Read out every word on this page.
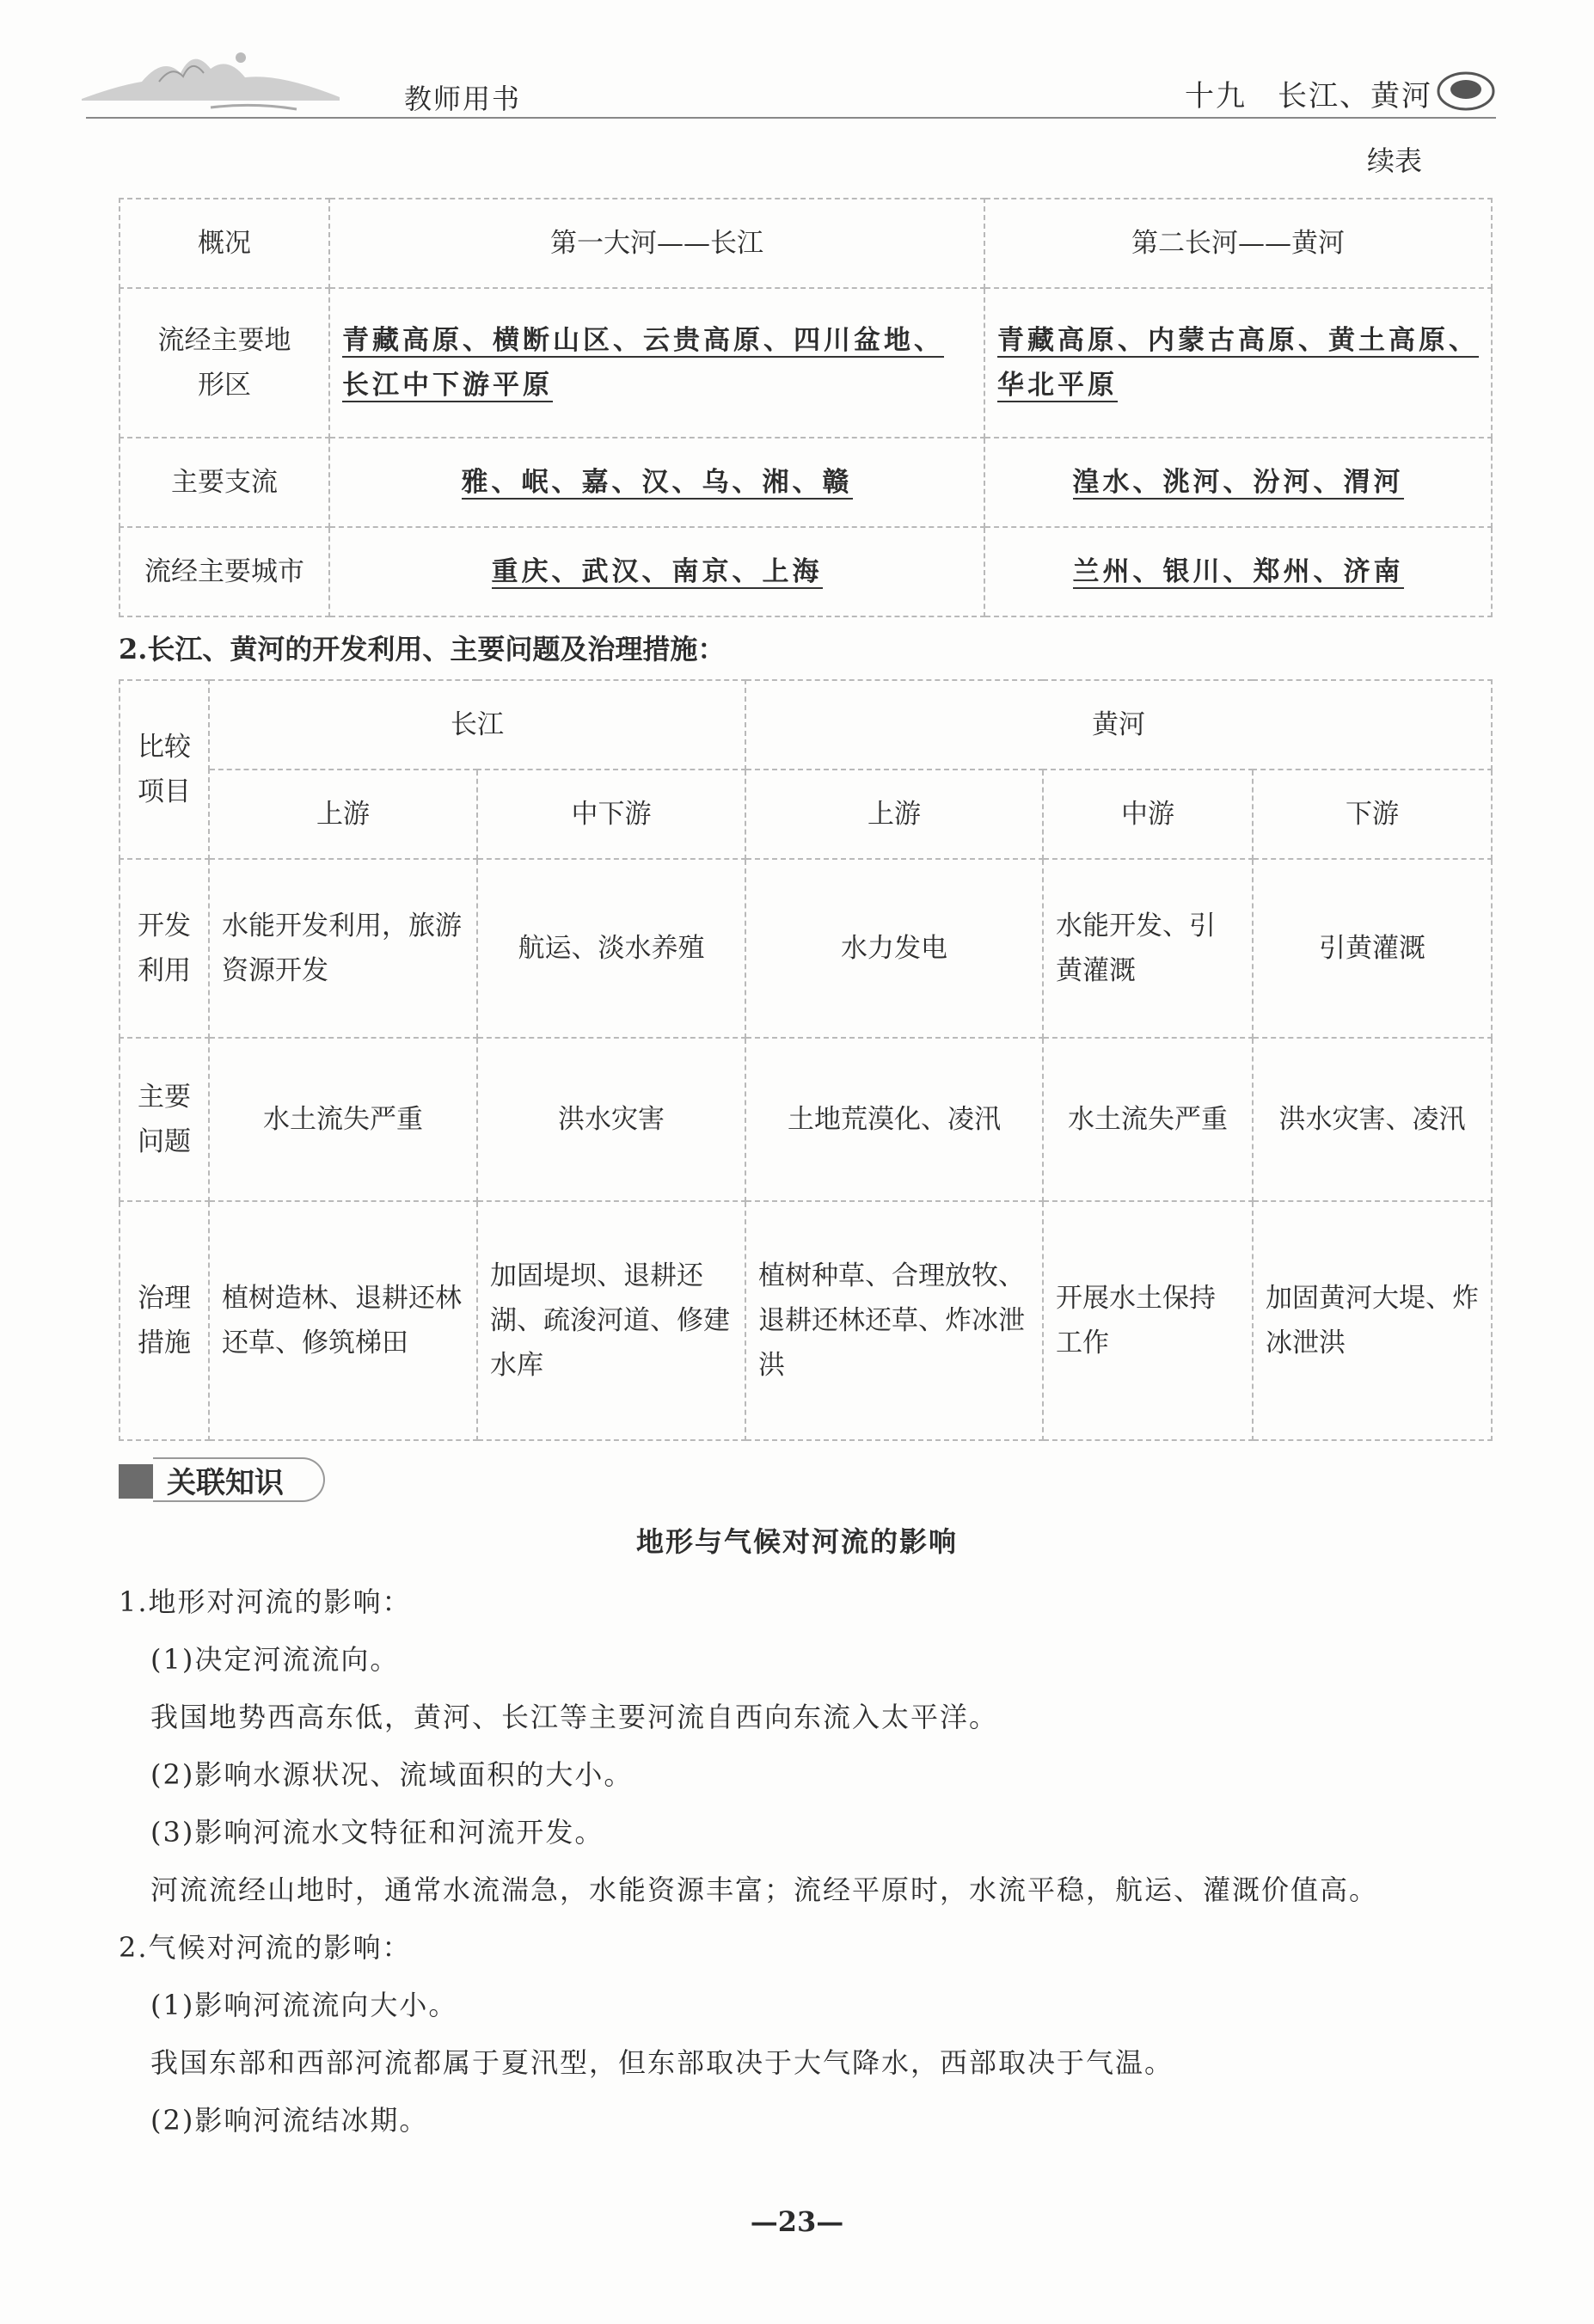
教师用书	十九　长江、黄河
续表
概况	第一大河——长江	第二长河——黄河
流经主要地形区	青藏高原、横断山区、云贵高原、四川盆地、长江中下游平原	青藏高原、内蒙古高原、黄土高原、华北平原
主要支流	雅、岷、嘉、汉、乌、湘、赣	湟水、洮河、汾河、渭河
流经主要城市	重庆、武汉、南京、上海	兰州、银川、郑州、济南
2.长江、黄河的开发利用、主要问题及治理措施：
比较项目	长江		黄河		
	上游	中下游	上游	中游	下游
开发利用	水能开发利用，旅游资源开发	航运、淡水养殖	水力发电	水能开发、引黄灌溉	引黄灌溉
主要问题	水土流失严重	洪水灾害	土地荒漠化、凌汛	水土流失严重	洪水灾害、凌汛
治理措施	植树造林、退耕还林还草、修筑梯田	加固堤坝、退耕还湖、疏浚河道、修建水库	植树种草、合理放牧、退耕还林还草、炸冰泄洪	开展水土保持工作	加固黄河大堤、炸冰泄洪
关联知识
地形与气候对河流的影响
1.地形对河流的影响：
(1)决定河流流向。
我国地势西高东低，黄河、长江等主要河流自西向东流入太平洋。
(2)影响水源状况、流域面积的大小。
(3)影响河流水文特征和河流开发。
河流流经山地时，通常水流湍急，水能资源丰富；流经平原时，水流平稳，航运、灌溉价值高。
2.气候对河流的影响：
(1)影响河流流向大小。
我国东部和西部河流都属于夏汛型，但东部取决于大气降水，西部取决于气温。
(2)影响河流结冰期。
—23—
